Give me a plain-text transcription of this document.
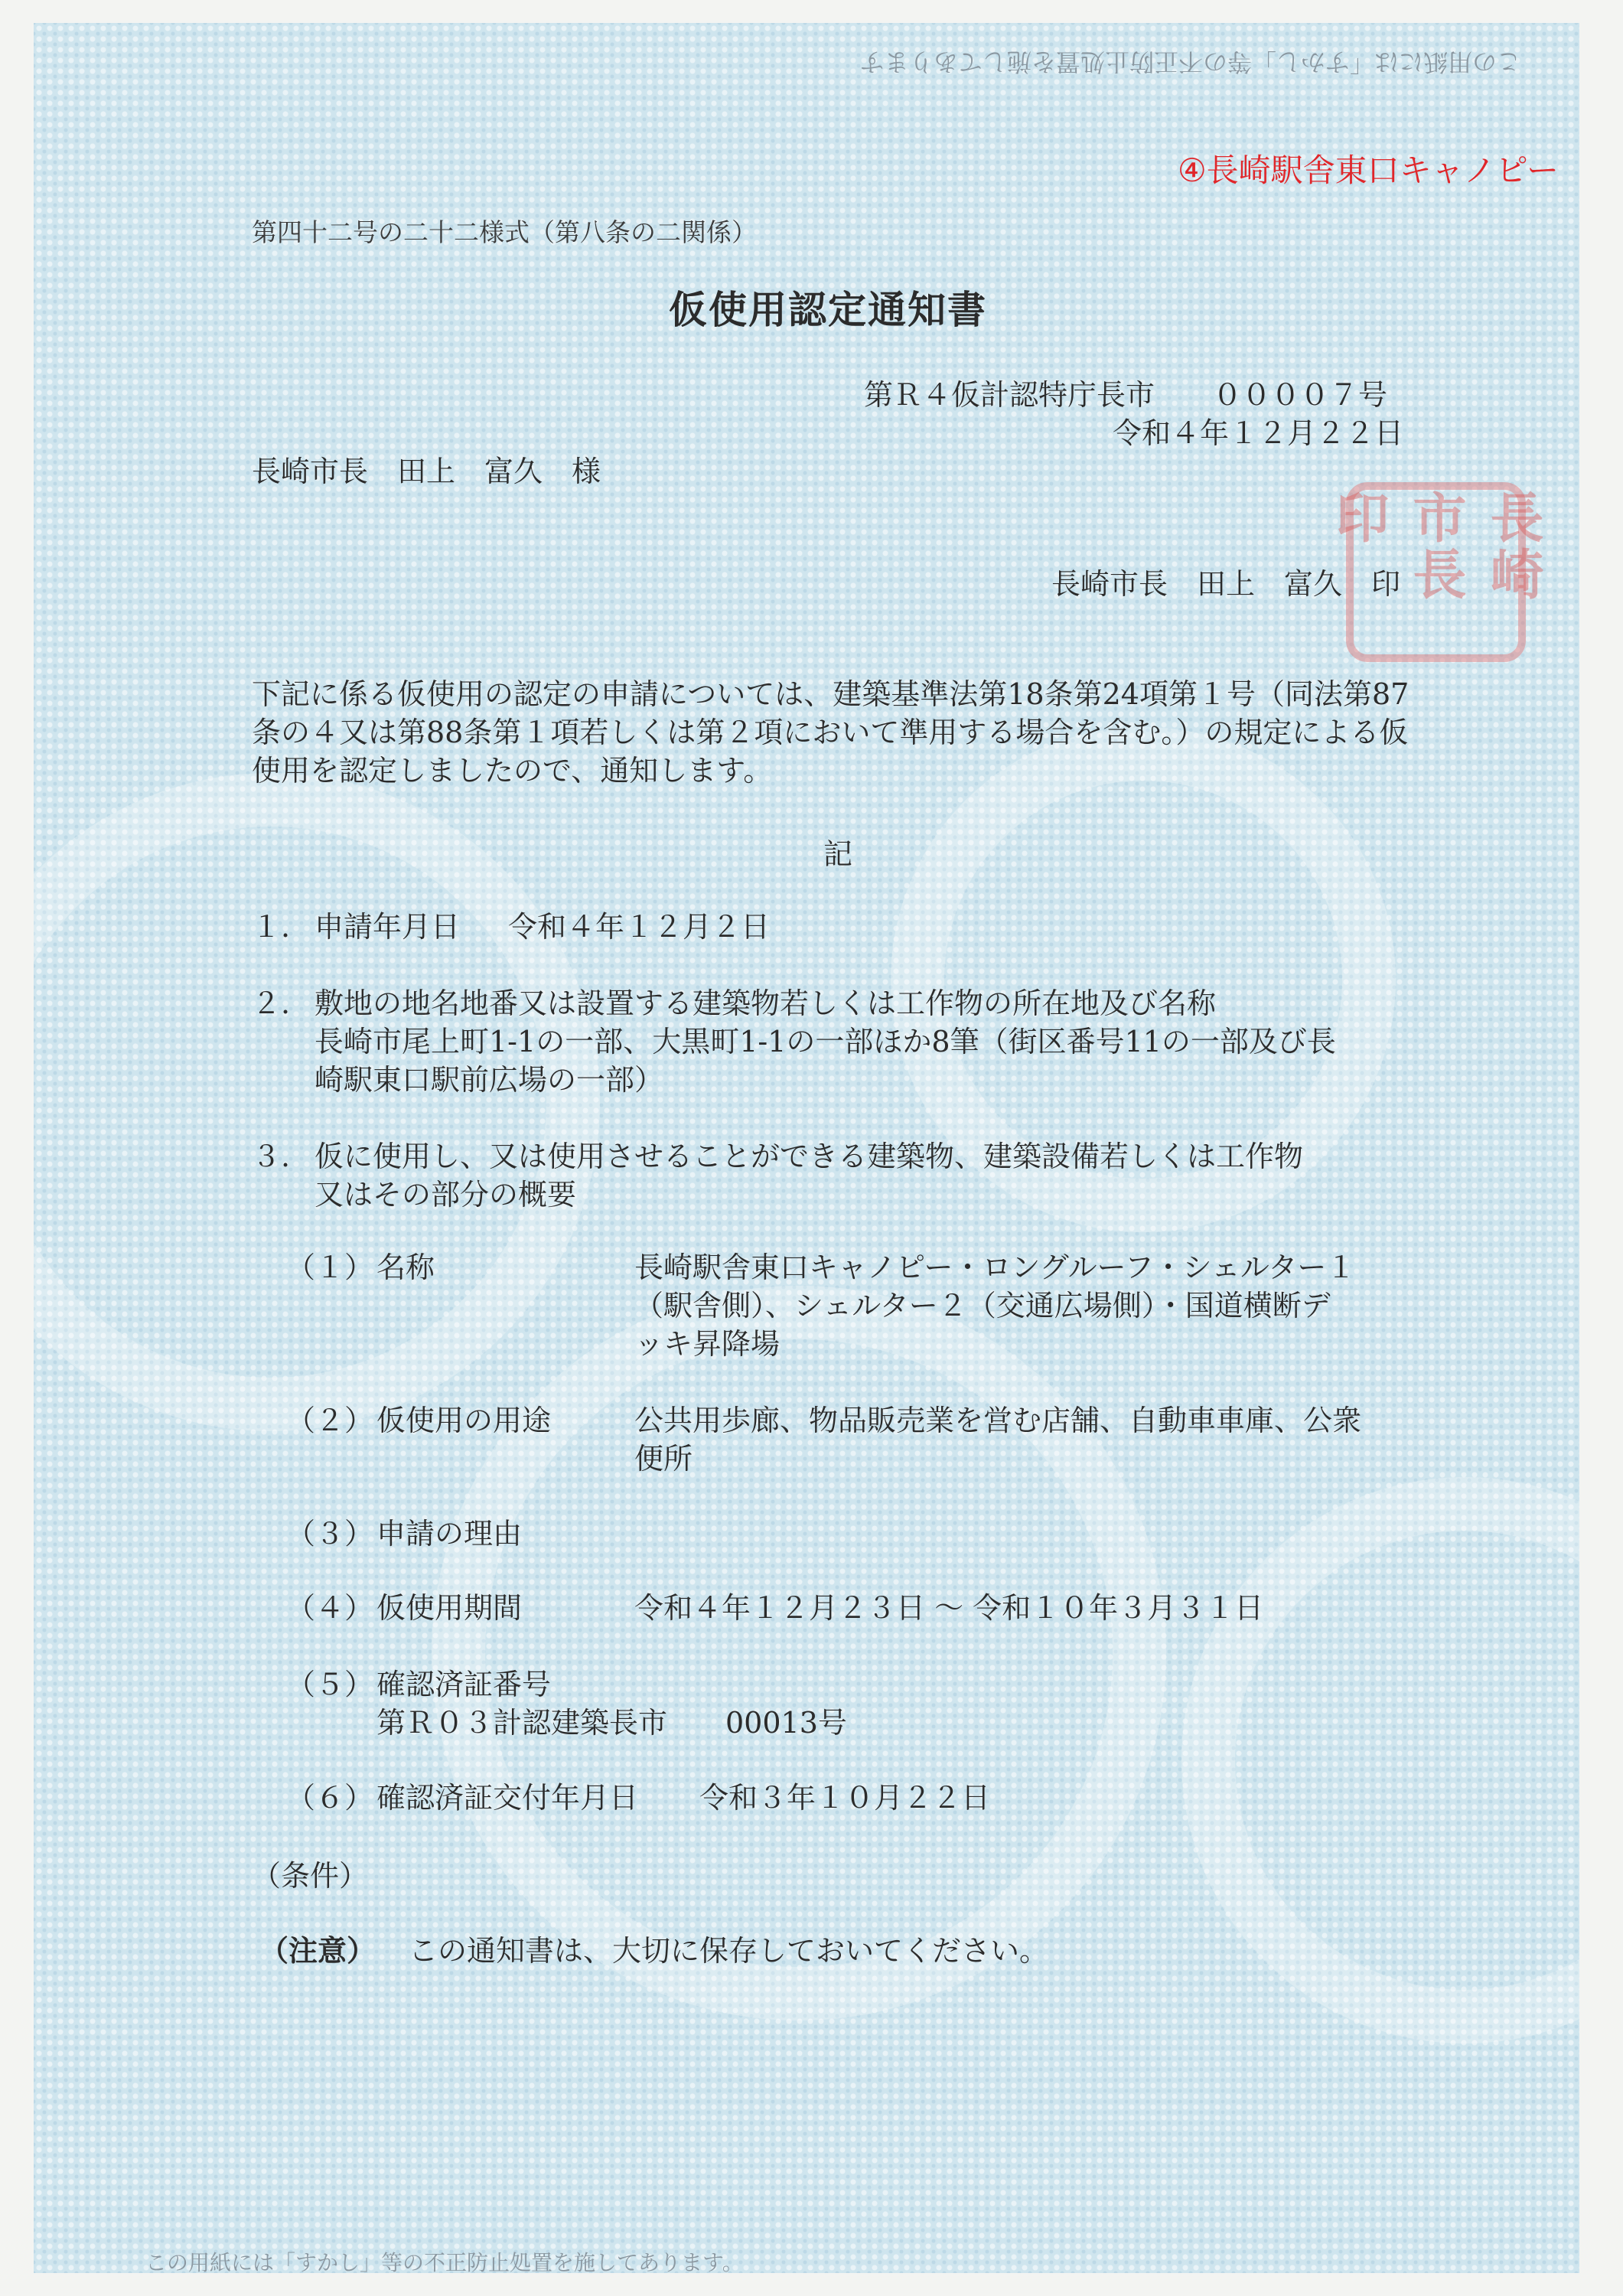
この用紙には「すかし」等の不正防止処置を施してあります
④長崎駅舎東口キャノピー
第四十二号の二十二様式（第八条の二関係）
仮使用認定通知書
第Ｒ４仮計認特庁長市　　００００７号
令和４年１２月２２日
長崎市長　田上　富久　様
長崎市長　田上　富久　印	長崎市長印
下記に係る仮使用の認定の申請については、建築基準法第18条第24項第１号（同法第87条の４又は第88条第１項若しくは第２項において準用する場合を含む。）の規定による仮使用を認定しましたので、通知します。
記
１. 申請年月日 令和４年１２月２日
２. 敷地の地名地番又は設置する建築物若しくは工作物の所在地及び名称
長崎市尾上町1-1の一部、大黒町1-1の一部ほか8筆（街区番号11の一部及び長
崎駅東口駅前広場の一部）
３. 仮に使用し、又は使用させることができる建築物、建築設備若しくは工作物
又はその部分の概要
（１） 名称	長崎駅舎東口キャノピー・ロングルーフ・シェルター１
（駅舎側）、シェルター２（交通広場側）・国道横断デ
ッキ昇降場
（２） 仮使用の用途	公共用歩廊、物品販売業を営む店舗、自動車車庫、公衆
便所
（３） 申請の理由
（４） 仮使用期間	令和４年１２月２３日 ～ 令和１０年３月３１日
（５） 確認済証番号
第Ｒ０３計認建築長市　　00013号
（６） 確認済証交付年月日 令和３年１０月２２日
（条件）
（注意） この通知書は、大切に保存しておいてください。
この用紙には「すかし」等の不正防止処置を施してあります。
